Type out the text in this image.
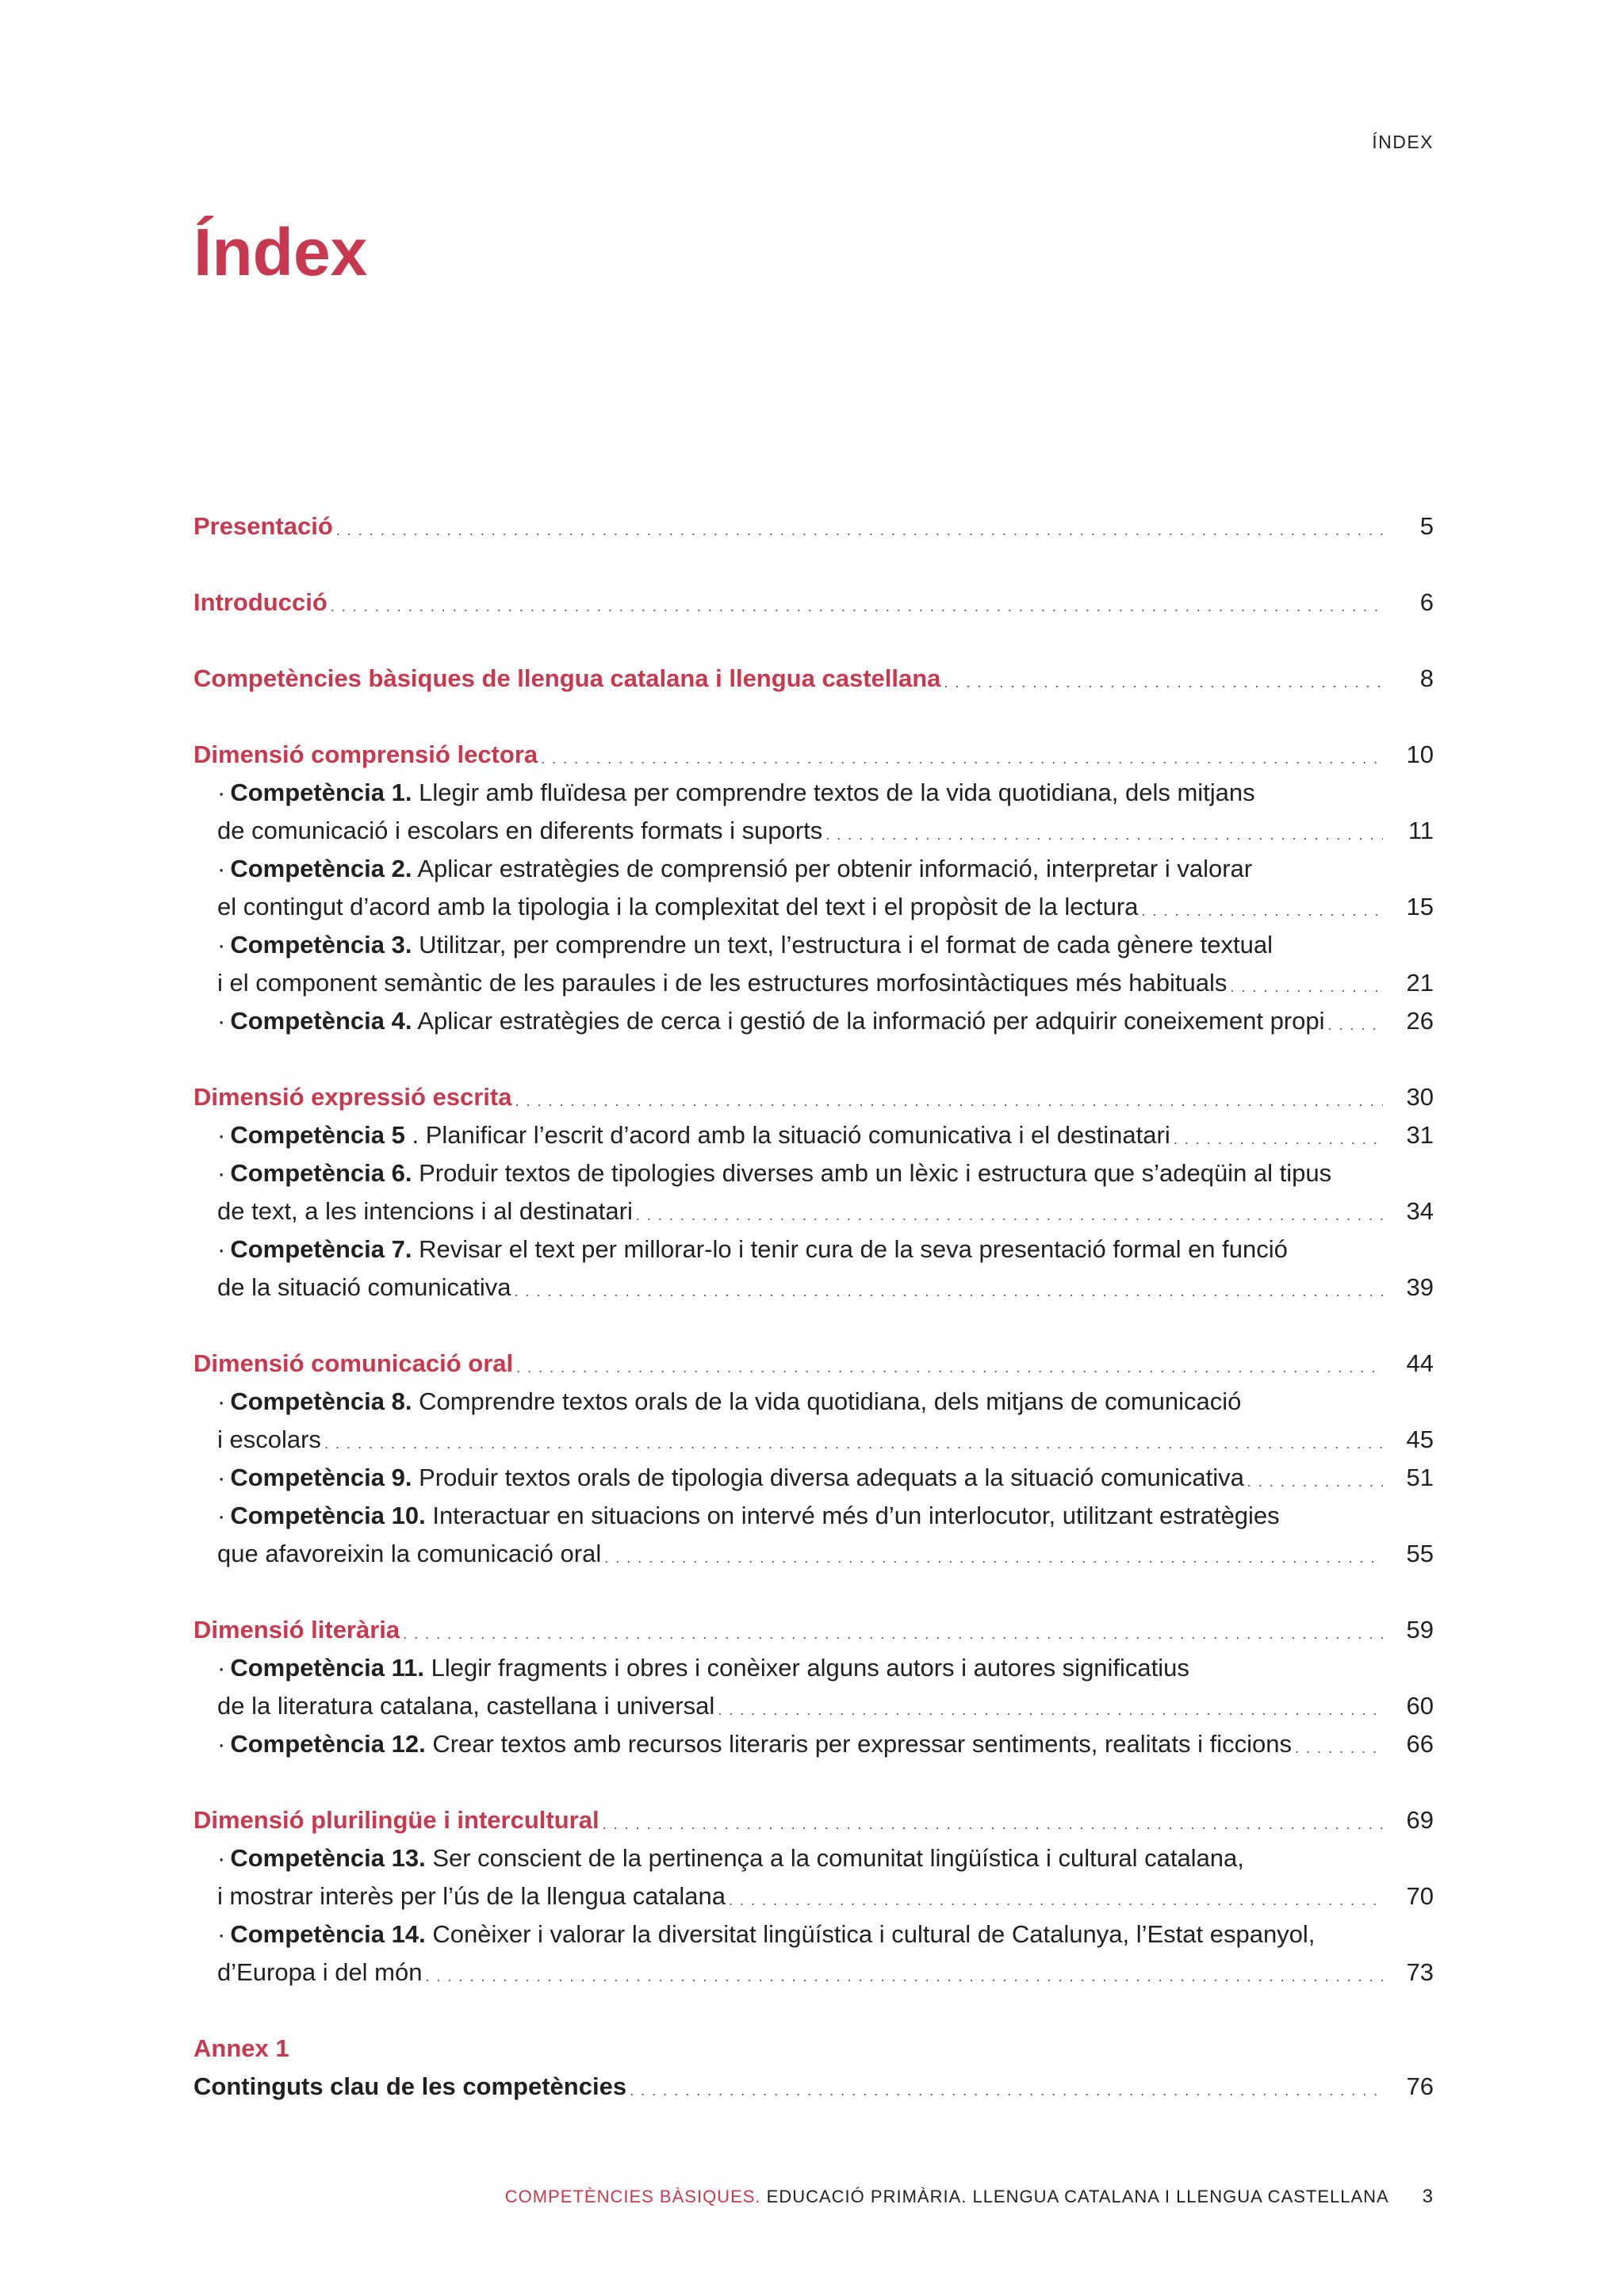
ÍNDEX
Índex
Presentació . . .	5
Introducció . . .	6
Competències bàsiques de llengua catalana i llengua castellana . . .	8
Dimensió comprensió lectora . . .	10
· Competència 1. Llegir amb fluïdesa per comprendre textos de la vida quotidiana, dels mitjans
de comunicació i escolars en diferents formats i suports . . .	11
· Competència 2. Aplicar estratègies de comprensió per obtenir informació, interpretar i valorar
el contingut d’acord amb la tipologia i la complexitat del text i el propòsit de la lectura . . .	15
· Competència 3. Utilitzar, per comprendre un text, l’estructura i el format de cada gènere textual
i el component semàntic de les paraules i de les estructures morfosintàctiques més habituals . . .	21
· Competència 4. Aplicar estratègies de cerca i gestió de la informació per adquirir coneixement propi . . .	26
Dimensió expressió escrita . . .	30
· Competència 5 . Planificar l’escrit d’acord amb la situació comunicativa i el destinatari . . .	31
· Competència 6. Produir textos de tipologies diverses amb un lèxic i estructura que s’adeqüin al tipus
de text, a les intencions i al destinatari . . .	34
· Competència 7. Revisar el text per millorar-lo i tenir cura de la seva presentació formal en funció
de la situació comunicativa . . .	39
Dimensió comunicació oral . . .	44
· Competència 8. Comprendre textos orals de la vida quotidiana, dels mitjans de comunicació
i escolars . . .	45
· Competència 9. Produir textos orals de tipologia diversa adequats a la situació comunicativa . . .	51
· Competència 10. Interactuar en situacions on intervé més d’un interlocutor, utilitzant estratègies
que afavoreixin la comunicació oral . . .	55
Dimensió literària . . .	59
· Competència 11. Llegir fragments i obres i conèixer alguns autors i autores significatius
de la literatura catalana, castellana i universal . . .	60
· Competència 12. Crear textos amb recursos literaris per expressar sentiments, realitats i ficcions . . .	66
Dimensió plurilingüe i intercultural . . .	69
· Competència 13. Ser conscient de la pertinença a la comunitat lingüística i cultural catalana,
i mostrar interès per l’ús de la llengua catalana . . .	70
· Competència 14. Conèixer i valorar la diversitat lingüística i cultural de Catalunya, l’Estat espanyol,
d’Europa i del món . . .	73
Annex 1
Continguts clau de les competències . . .	76
COMPETÈNCIES BÀSIQUES. EDUCACIÓ PRIMÀRIA. LLENGUA CATALANA I LLENGUA CASTELLANA 3
